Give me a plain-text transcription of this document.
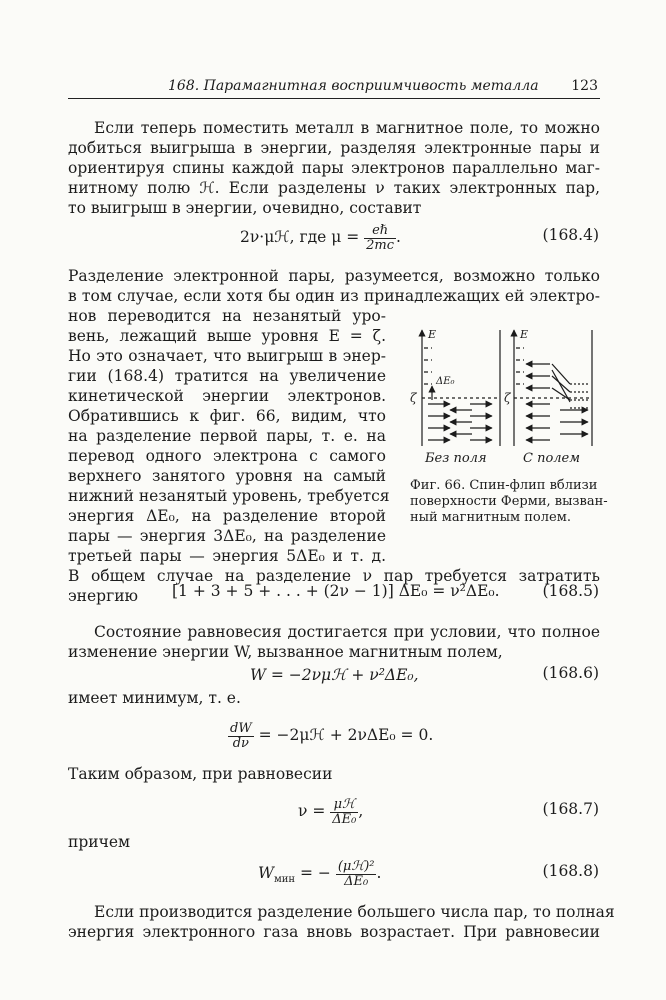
168. Парамагнитная восприимчивость металла 123
Если теперь поместить металл в магнитное поле, то можно
добиться выигрыша в энергии, разделяя электронные пары и
ориентируя спины каждой пары электронов параллельно маг-
нитному полю ℋ. Если разделены ν таких электронных пар,
то выигрыш в энергии, очевидно, составит
2ν·μℋ, где $\mu = \frac{\text{eℏ}}{2mc}$ .	(168.4)
Разделение электронной пары, разумеется, возможно только
в том случае, если хотя бы один из принадлежащих ей электро-
нов переводится на незанятый уро-
вень, лежащий выше уровня E = ζ.
Но это означает, что выигрыш в энер-
гии (168.4) тратится на увеличение
кинетической энергии электронов.
Обратившись к фиг. 66, видим, что
на разделение первой пары, т. е. на
перевод одного электрона с самого
верхнего занятого уровня на самый
нижний незанятый уровень, требуется
энергия ΔE₀, на разделение второй
пары — энергия 3ΔE₀, на разделение
третьей пары — энергия 5ΔE₀ и т. д.
В общем случае на разделение ν пар требуется затратить
энергию
E	E
ζ	ζ
ΔE₀
Без поля	С полем
Фиг. 66. Спин-флип вблизи
поверхности Ферми, вызван-
ный магнитным полем.
[1 + 3 + 5 + . . . + (2ν − 1)] ΔE₀ = ν²ΔE₀.	(168.5)
Состояние равновесия достигается при условии, что полное
изменение энергии W, вызванное магнитным полем,
W = −2νμℋ + ν²ΔE₀,	(168.6)
имеет минимум, т. е.
$\frac{dW}{d\nu}$ = −2μℋ + 2νΔE₀ = 0.
Таким образом, при равновесии
$\nu = \frac{\text{μℋ}}{\text{ΔE₀}}$ ,	(168.7)
причем
$W_{мин}$ = − $\frac{\text{(μℋ)²}}{\text{ΔE₀}}$ .	(168.8)
Если производится разделение большего числа пар, то полная
энергия электронного газа вновь возрастает. При равновесии
